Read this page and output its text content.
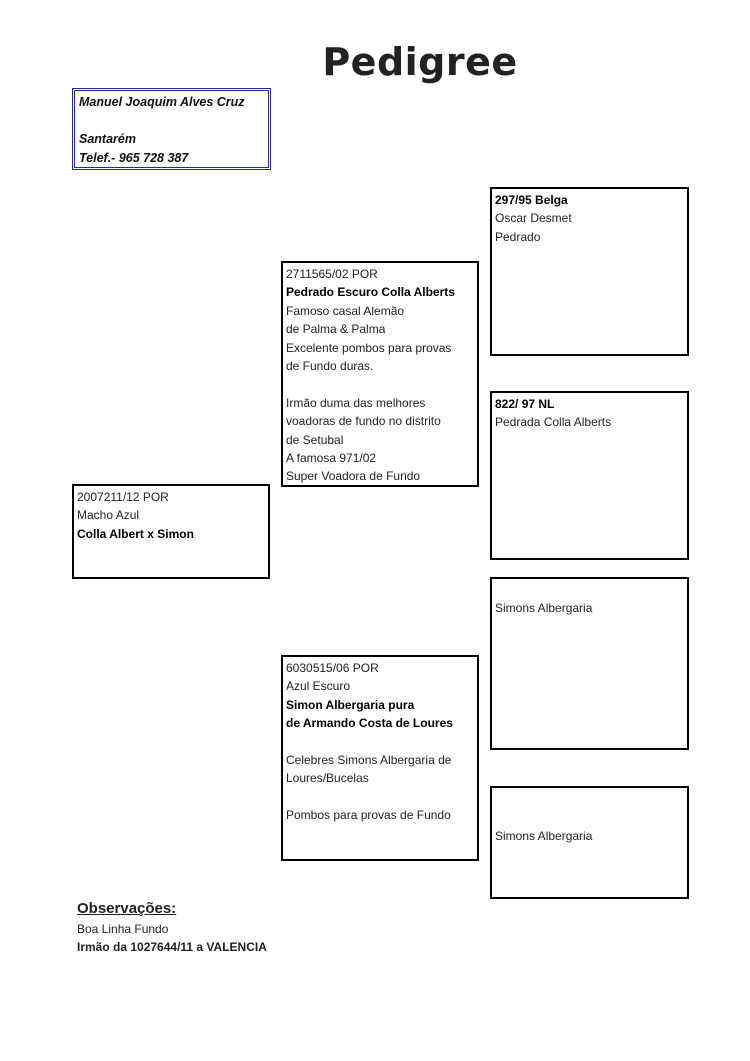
Pedigree
Manuel Joaquim Alves Cruz
Santarém
Telef.- 965 728 387
2007211/12 POR
Macho Azul
Colla Albert x Simon
2711565/02 POR
Pedrado Escuro Colla Alberts
Famoso casal Alemão
de Palma & Palma
Excelente pombos para provas
de Fundo duras.
Irmão duma das melhores
voadoras de fundo no distrito
de Setubal
A famosa 971/02
Super Voadora de Fundo
6030515/06 POR
Azul Escuro
Simon Albergaria pura
de Armando Costa de Loures
Celebres Simons Albergaria de
Loures/Bucelas
Pombos para provas de Fundo
297/95 Belga
Oscar Desmet
Pedrado
822/ 97 NL
Pedrada Colla Alberts
Simons Albergaria
Simons Albergaria
Observações:
Boa Linha Fundo
Irmão da 1027644/11 a VALENCIA
